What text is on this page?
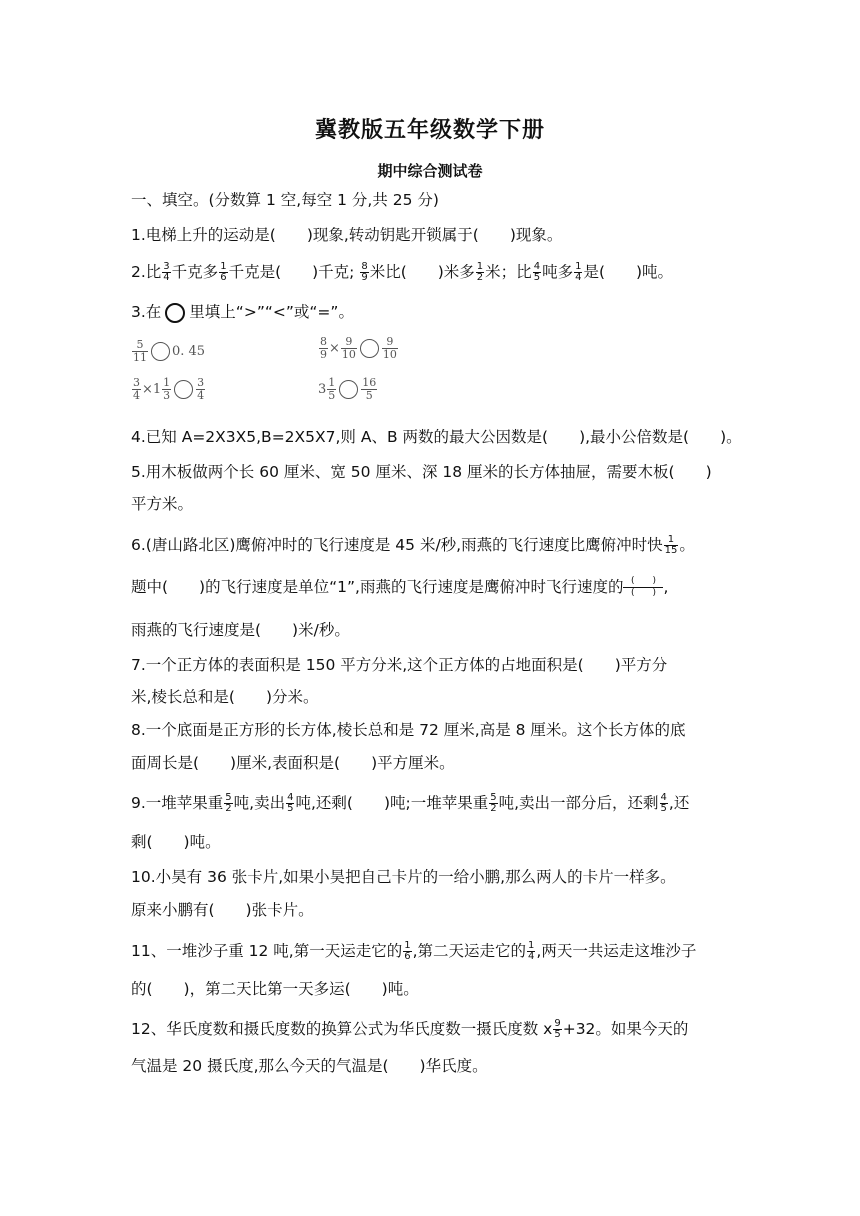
冀教版五年级数学下册
期中综合测试卷
一、填空。(分数算 1 空,每空 1 分,共 25 分)
1.电梯上升的运动是(　　)现象,转动钥匙开锁属于(　　)现象。
2.比 $\frac{3}{4}$ 千克多 $\frac{1}{6}$ 千克是(　　)千克; $\frac{8}{9}$ 米比(　　)米多 $\frac{1}{2}$ 米；比 $\frac{4}{5}$ 吨多 $\frac{1}{4}$ 是(　　)吨。
3.在 里填上“>”“<”或“=”。
$\frac{5}{11} 0$. 45	$\frac{8}{9} \times \frac{9}{10} \frac{9}{10}$
$\frac{3}{4} \times 1 \frac{1}{3} \frac{3}{4}$	$3 \frac{1}{5} \frac{16}{5}$
4.已知 A=2X3X5,B=2X5X7,则 A、B 两数的最大公因数是(　　),最小公倍数是(　　)。
5.用木板做两个长 60 厘米、宽 50 厘米、深 18 厘米的长方体抽屉，需要木板(　　)
平方米。
6.(唐山路北区)鹰俯冲时的飞行速度是 45 米/秒,雨燕的飞行速度比鹰俯冲时快 $\frac{1}{15}$ 。
题中(　　)的飞行速度是单位“1”,雨燕的飞行速度是鹰俯冲时飞行速度的 $\frac{( )}{( )}$,
雨燕的飞行速度是(　　)米/秒。
7.一个正方体的表面积是 150 平方分米,这个正方体的占地面积是(　　)平方分
米,棱长总和是(　　)分米。
8.一个底面是正方形的长方体,棱长总和是 72 厘米,高是 8 厘米。这个长方体的底
面周长是(　　)厘米,表面积是(　　)平方厘米。
9.一堆苹果重 $\frac{5}{2}$ 吨,卖出 $\frac{4}{5}$ 吨,还剩(　　)吨;一堆苹果重 $\frac{5}{2}$ 吨,卖出一部分后，还剩 $\frac{4}{5}$ ,还
剩(　　)吨。
10.小昊有 36 张卡片,如果小昊把自己卡片的一给小鹏,那么两人的卡片一样多。
原来小鹏有(　　)张卡片。
11、一堆沙子重 12 吨,第一天运走它的 $\frac{1}{6}$ ,第二天运走它的 $\frac{1}{4}$ ,两天一共运走这堆沙子
的(　　)，第二天比第一天多运(　　)吨。
12、华氏度数和摄氏度数的换算公式为华氏度数一摄氏度数 x $\frac{9}{5} +32$。如果今天的
气温是 20 摄氏度,那么今天的气温是(　　)华氏度。
